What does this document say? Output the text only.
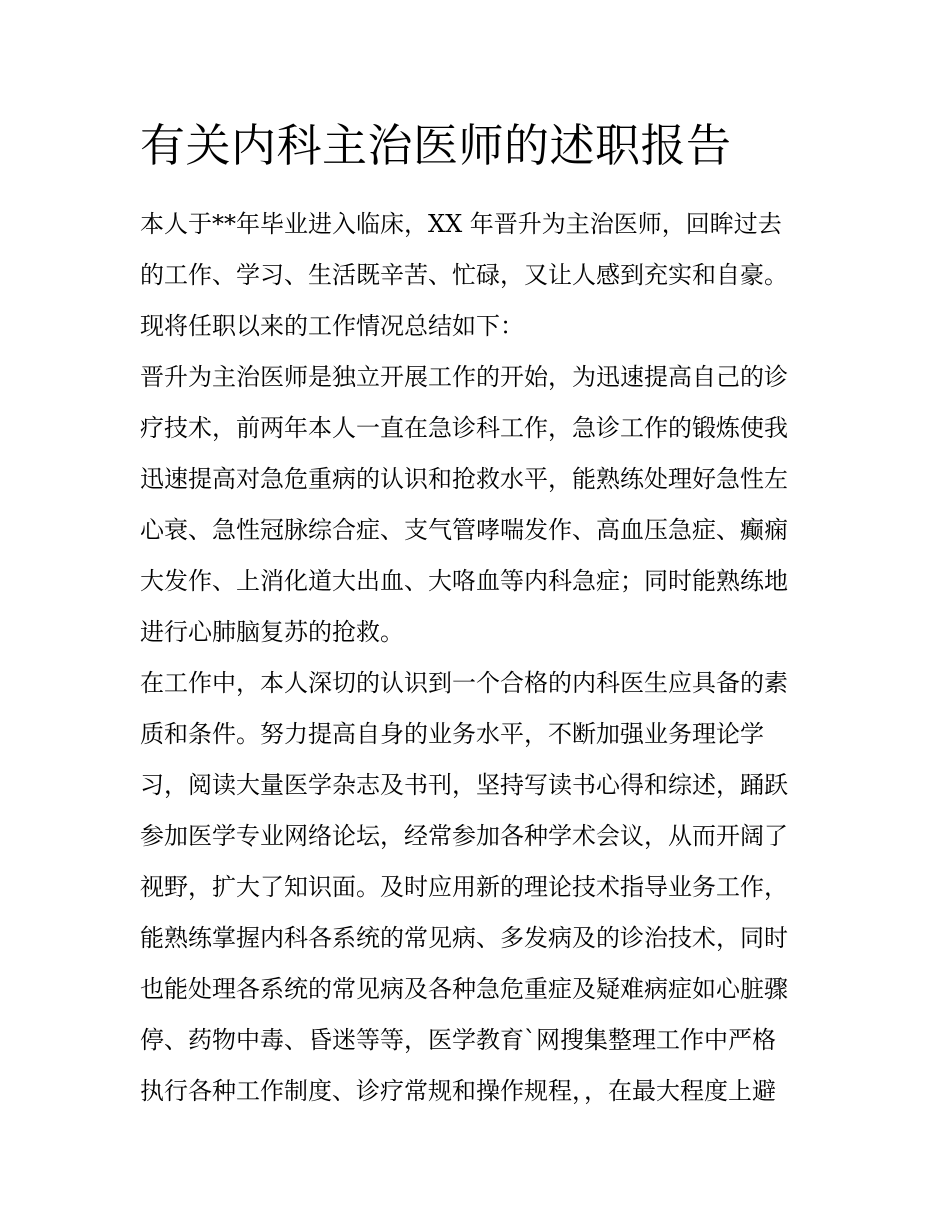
有关内科主治医师的述职报告
本人于**年毕业进入临床，XX 年晋升为主治医师，回眸过去
的工作、学习、生活既辛苦、忙碌，又让人感到充实和自豪。
现将任职以来的工作情况总结如下：
晋升为主治医师是独立开展工作的开始，为迅速提高自己的诊
疗技术，前两年本人一直在急诊科工作，急诊工作的锻炼使我
迅速提高对急危重病的认识和抢救水平，能熟练处理好急性左
心衰、急性冠脉综合症、支气管哮喘发作、高血压急症、癫痫
大发作、上消化道大出血、大咯血等内科急症；同时能熟练地
进行心肺脑复苏的抢救。
在工作中，本人深切的认识到一个合格的内科医生应具备的素
质和条件。努力提高自身的业务水平，不断加强业务理论学
习，阅读大量医学杂志及书刊，坚持写读书心得和综述，踊跃
参加医学专业网络论坛，经常参加各种学术会议，从而开阔了
视野，扩大了知识面。及时应用新的理论技术指导业务工作，
能熟练掌握内科各系统的常见病、多发病及的诊治技术，同时
也能处理各系统的常见病及各种急危重症及疑难病症如心脏骤
停、药物中毒、昏迷等等，医学教育`网搜集整理工作中严格
执行各种工作制度、诊疗常规和操作规程，，在最大程度上避
